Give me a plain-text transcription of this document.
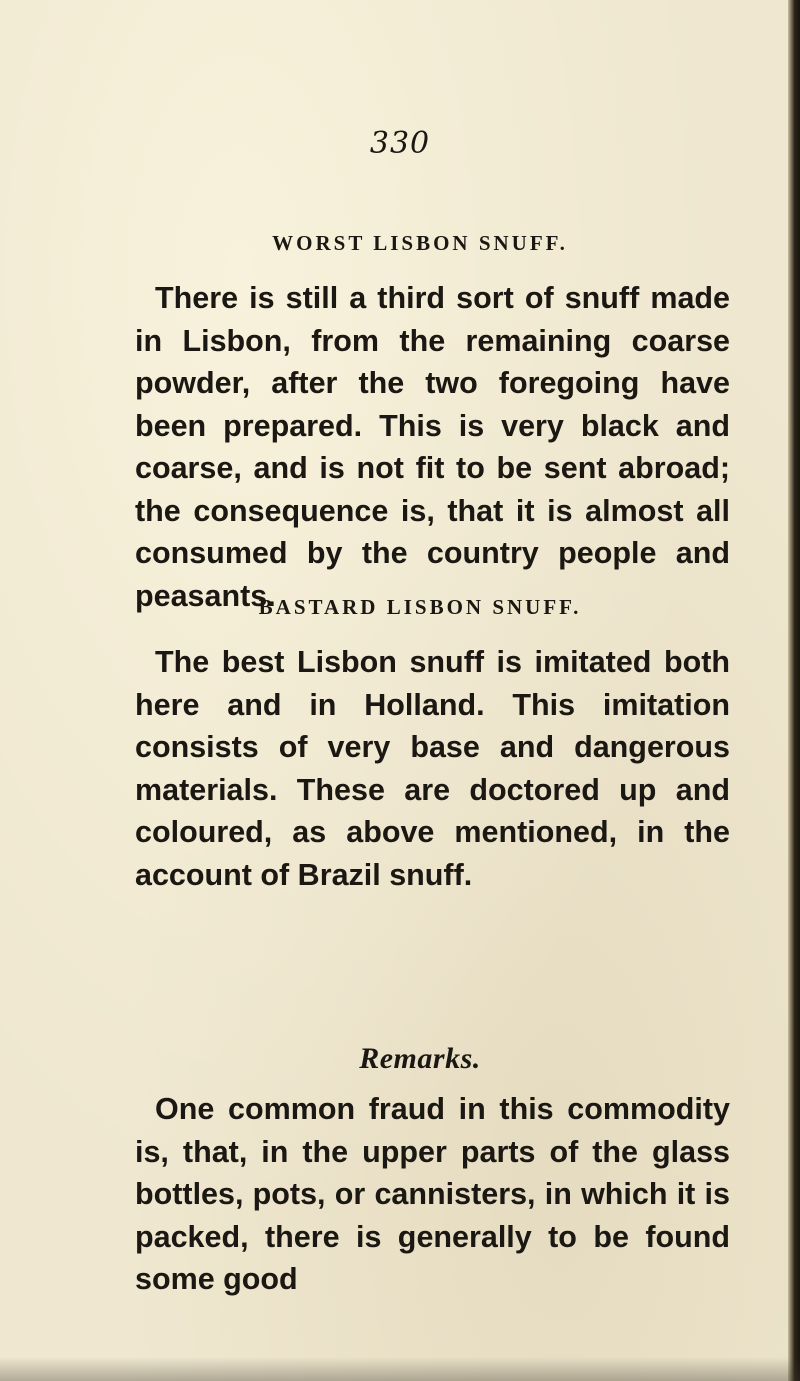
330
WORST LISBON SNUFF.

There is still a third sort of snuff made in Lisbon, from the remaining coarse powder, after the two foregoing have been prepared. This is very black and coarse, and is not fit to be sent abroad; the consequence is, that it is almost all consumed by the country people and peasants.

BASTARD LISBON SNUFF.

The best Lisbon snuff is imitated both here and in Holland. This imitation consists of very base and dangerous materials. These are doctored up and coloured, as above mentioned, in the account of Brazil snuff.

Remarks.

One common fraud in this commodity is, that, in the upper parts of the glass bottles, pots, or cannisters, in which it is packed, there is generally to be found some good
